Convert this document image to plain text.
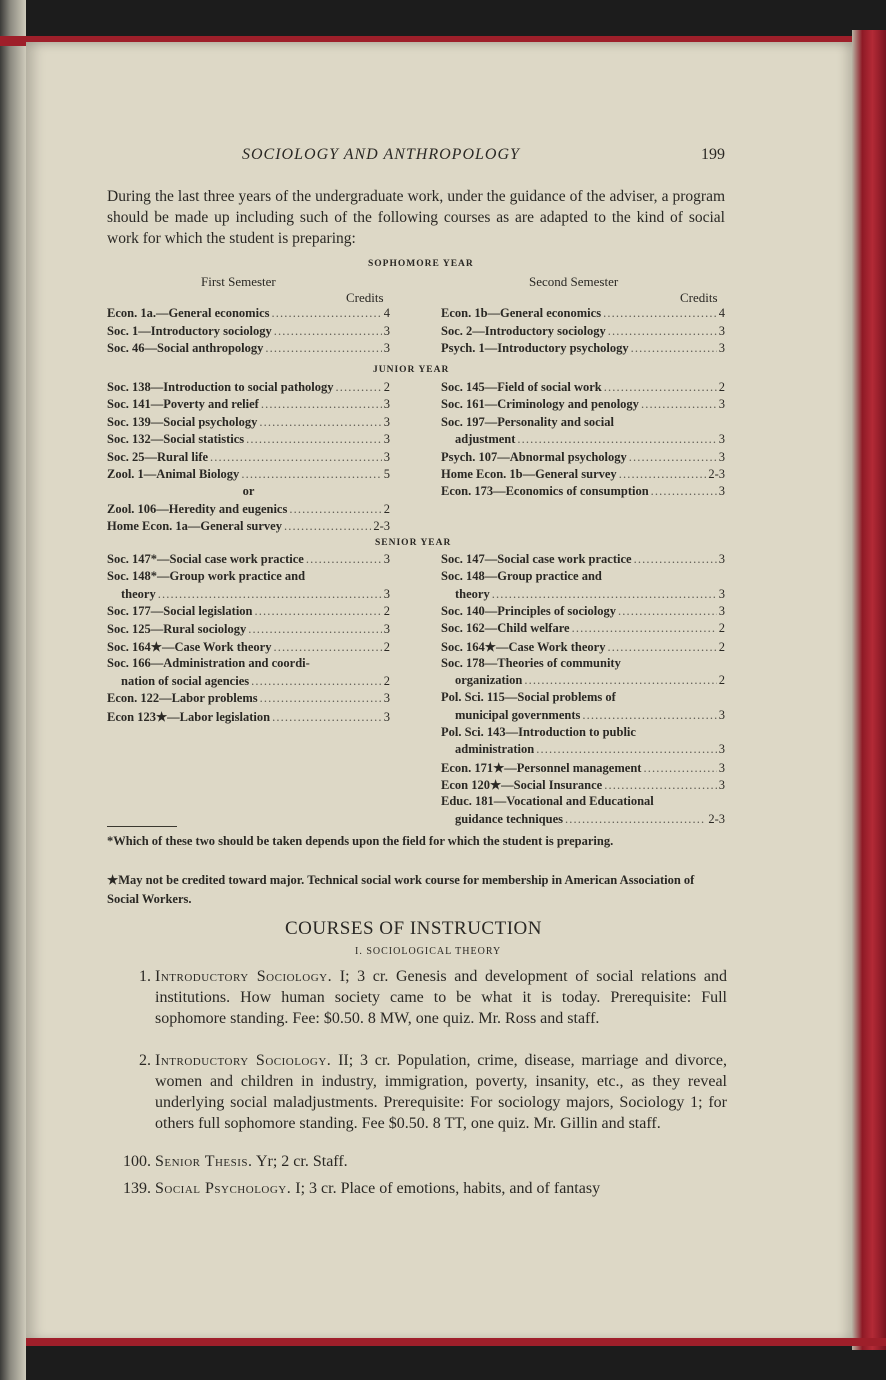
SOCIOLOGY AND ANTHROPOLOGY	199
During the last three years of the undergraduate work, under the guidance of the adviser, a program should be made up including such of the following courses as are adapted to the kind of social work for which the student is preparing:
SOPHOMORE YEAR
First Semester	Second Semester
Credits	Credits
Econ. 1a.—General economics . . .	4
Soc. 1—Introductory sociology . . .	3
Soc. 46—Social anthropology . . .	3
Econ. 1b—General economics . . .	4
Soc. 2—Introductory sociology . . .	3
Psych. 1—Introductory psychology . . .	3
JUNIOR YEAR
Soc. 138—Introduction to social pathology . . .	2
Soc. 141—Poverty and relief . . .	3
Soc. 139—Social psychology . . .	3
Soc. 132—Social statistics . . .	3
Soc. 25—Rural life . . .	3
Zool. 1—Animal Biology . . .	5
or
Zool. 106—Heredity and eugenics . . .	2
Home Econ. 1a—General survey . . .	2-3
Soc. 145—Field of social work . . .	2
Soc. 161—Criminology and penology . . .	3
Soc. 197—Personality and social
adjustment . . .	3
Psych. 107—Abnormal psychology . . .	3
Home Econ. 1b—General survey . . .	2-3
Econ. 173—Economics of consumption . . .	3
SENIOR YEAR
Soc. 147*—Social case work practice . . .	3
Soc. 148*—Group work practice and
theory . . .	3
Soc. 177—Social legislation . . .	2
Soc. 125—Rural sociology . . .	3
Soc. 164★—Case Work theory . . .	2
Soc. 166—Administration and coordi-
nation of social agencies . . .	2
Econ. 122—Labor problems . . .	3
Econ 123★—Labor legislation . . .	3
Soc. 147—Social case work practice . . .	3
Soc. 148—Group practice and
theory . . .	3
Soc. 140—Principles of sociology . . .	3
Soc. 162—Child welfare . . .	2
Soc. 164★—Case Work theory . . .	2
Soc. 178—Theories of community
organization . . .	2
Pol. Sci. 115—Social problems of
municipal governments . . .	3
Pol. Sci. 143—Introduction to public
administration . . .	3
Econ. 171★—Personnel management . . .	3
Econ 120★—Social Insurance . . .	3
Educ. 181—Vocational and Educational
guidance techniques . . .	2-3
*Which of these two should be taken depends upon the field for which the student is preparing.
★May not be credited toward major. Technical social work course for membership in American Association of Social Workers.
COURSES OF INSTRUCTION
I. SOCIOLOGICAL THEORY
1. Introductory Sociology. I; 3 cr. Genesis and development of social relations and institutions. How human society came to be what it is today. Prerequisite: Full sophomore standing. Fee: $0.50. 8 MW, one quiz. Mr. Ross and staff.
2. Introductory Sociology. II; 3 cr. Population, crime, disease, marriage and divorce, women and children in industry, immigration, poverty, insanity, etc., as they reveal underlying social maladjustments. Prerequisite: For sociology majors, Sociology 1; for others full sophomore standing. Fee $0.50. 8 TT, one quiz. Mr. Gillin and staff.
100. Senior Thesis. Yr; 2 cr. Staff.
139. Social Psychology. I; 3 cr. Place of emotions, habits, and of fantasy
